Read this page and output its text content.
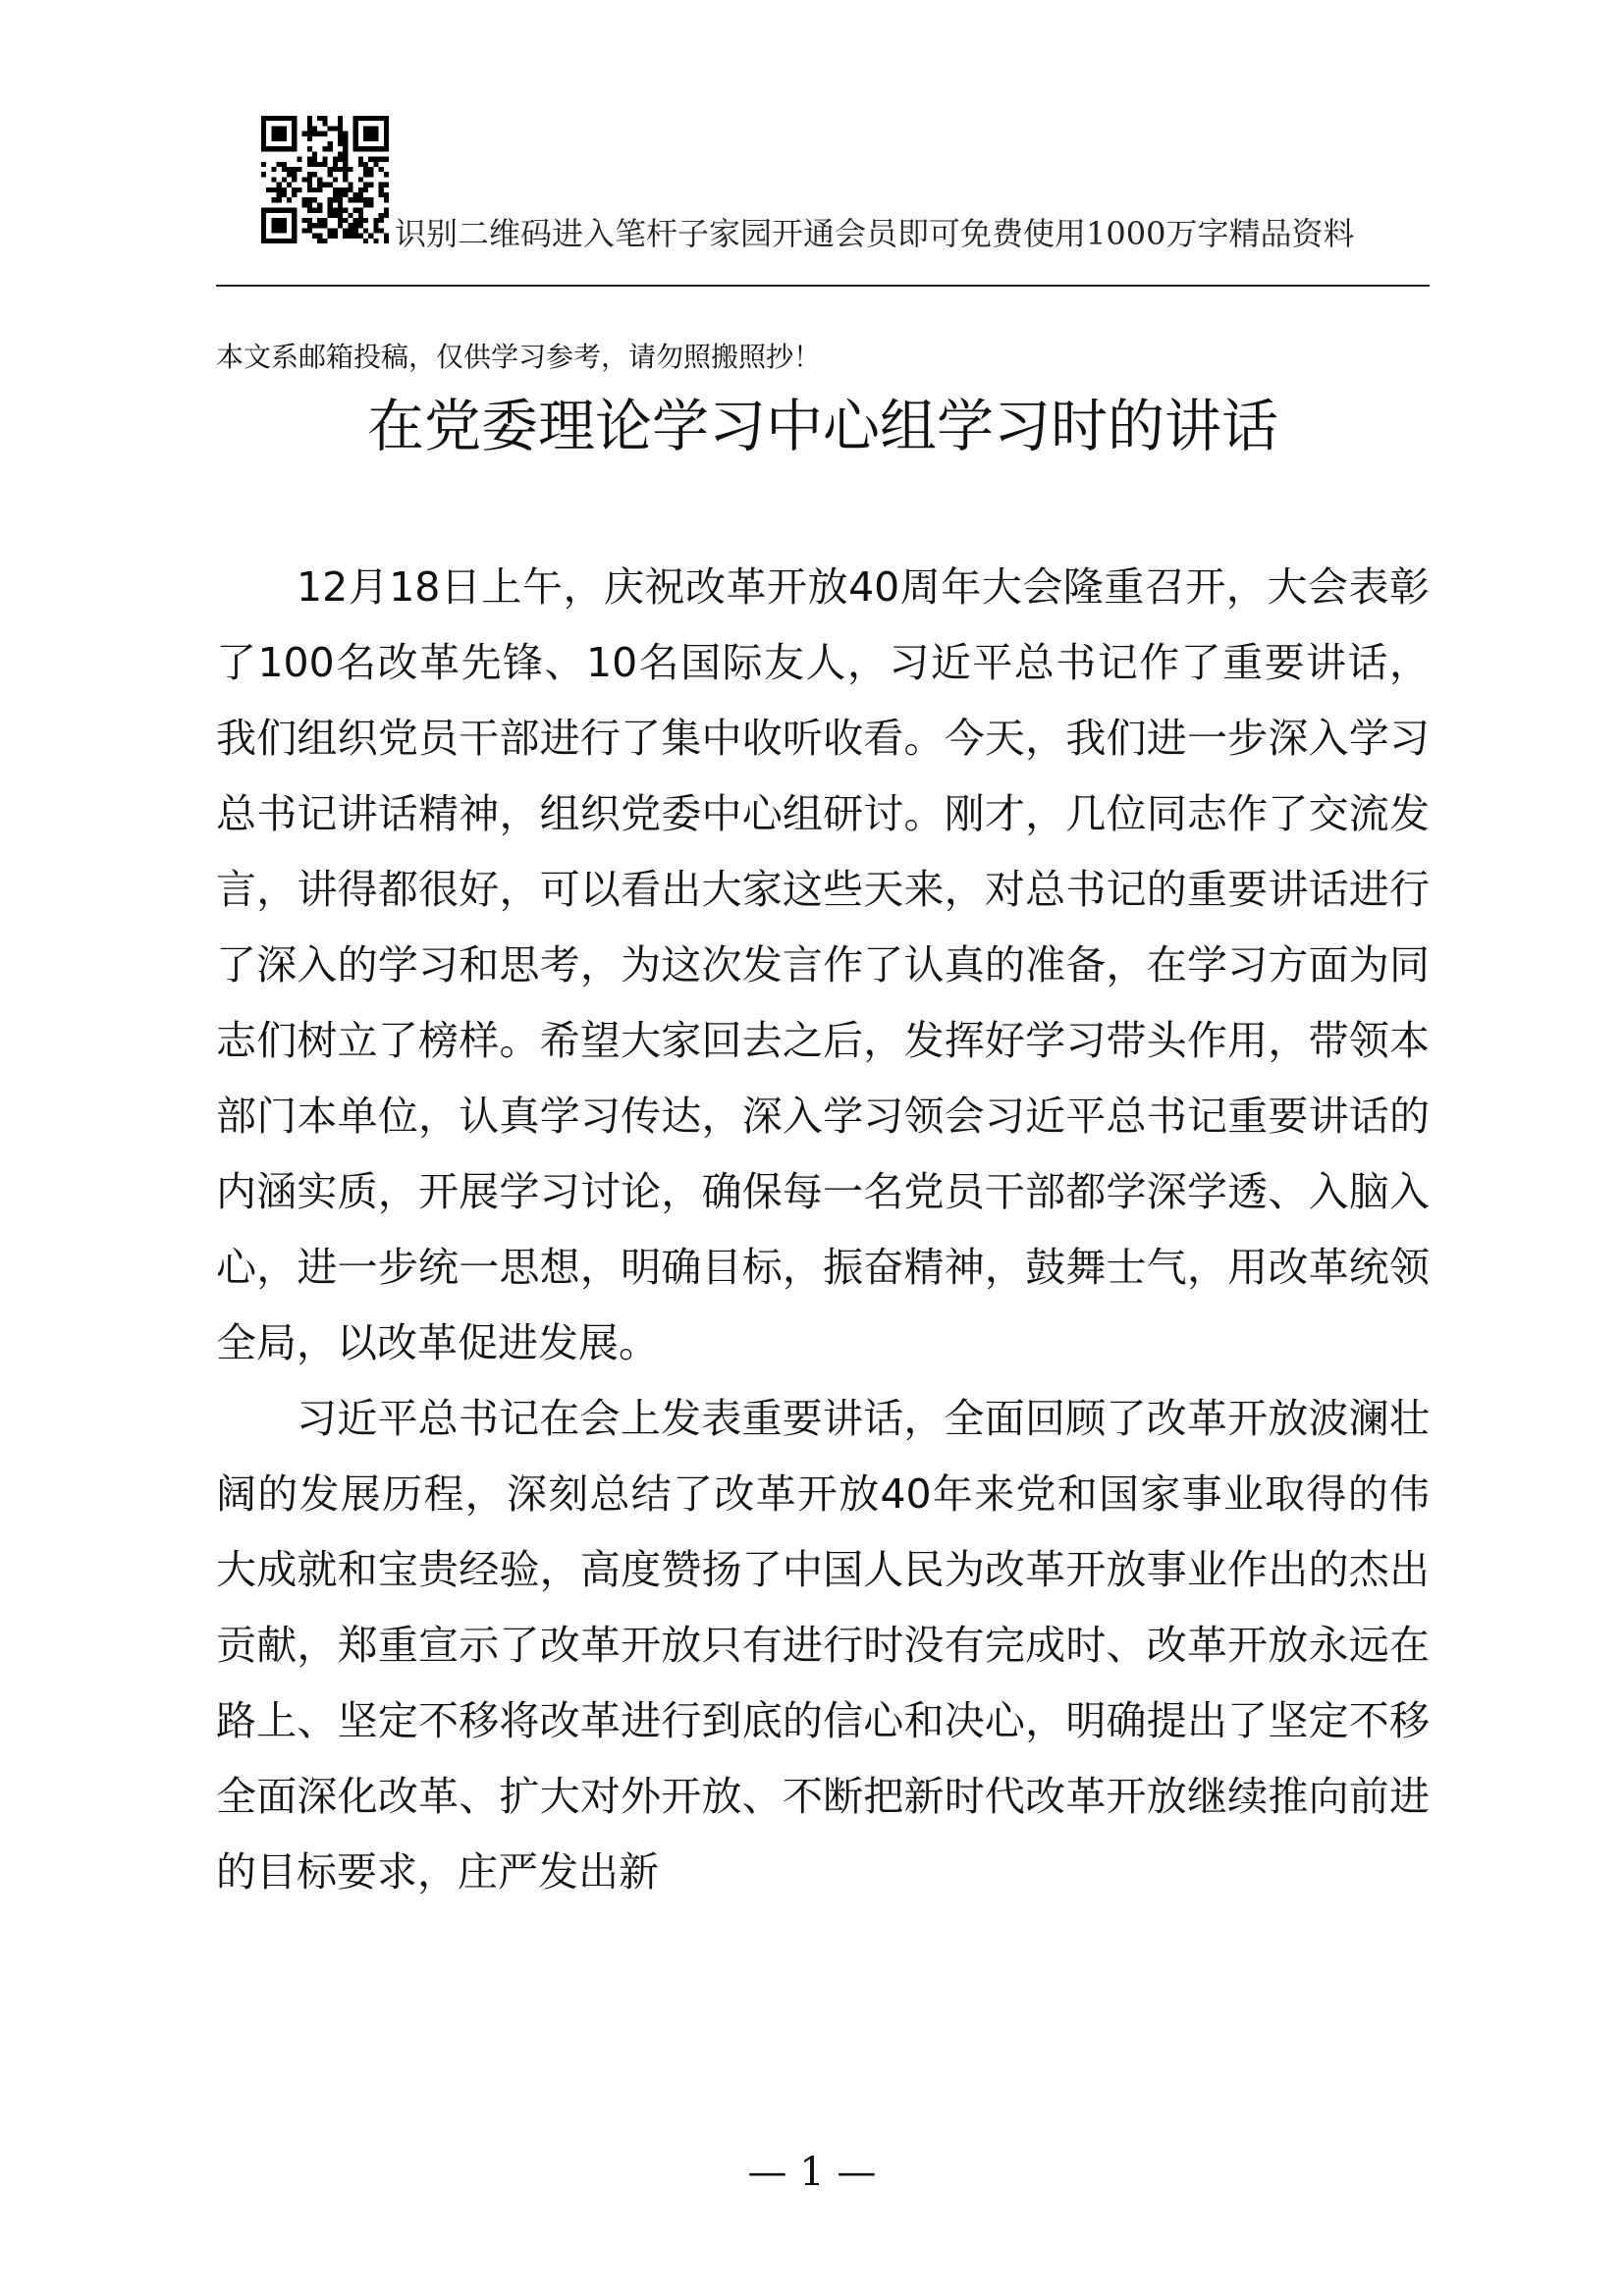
识别二维码进入笔杆子家园开通会员即可免费使用1000万字精品资料
本文系邮箱投稿，仅供学习参考，请勿照搬照抄！
在党委理论学习中心组学习时的讲话

12月18日上午，庆祝改革开放40周年大会隆重召开，大会表彰了100名改革先锋、10名国际友人，习近平总书记作了重要讲话，我们组织党员干部进行了集中收听收看。今天，我们进一步深入学习总书记讲话精神，组织党委中心组研讨。刚才，几位同志作了交流发言，讲得都很好，可以看出大家这些天来，对总书记的重要讲话进行了深入的学习和思考，为这次发言作了认真的准备，在学习方面为同志们树立了榜样。希望大家回去之后，发挥好学习带头作用，带领本部门本单位，认真学习传达，深入学习领会习近平总书记重要讲话的内涵实质，开展学习讨论，确保每一名党员干部都学深学透、入脑入心，进一步统一思想，明确目标，振奋精神，鼓舞士气，用改革统领全局，以改革促进发展。

习近平总书记在会上发表重要讲话，全面回顾了改革开放波澜壮阔的发展历程，深刻总结了改革开放40年来党和国家事业取得的伟大成就和宝贵经验，高度赞扬了中国人民为改革开放事业作出的杰出贡献，郑重宣示了改革开放只有进行时没有完成时、改革开放永远在路上、坚定不移将改革进行到底的信心和决心，明确提出了坚定不移全面深化改革、扩大对外开放、不断把新时代改革开放继续推向前进的目标要求，庄严发出新

— 1 —
